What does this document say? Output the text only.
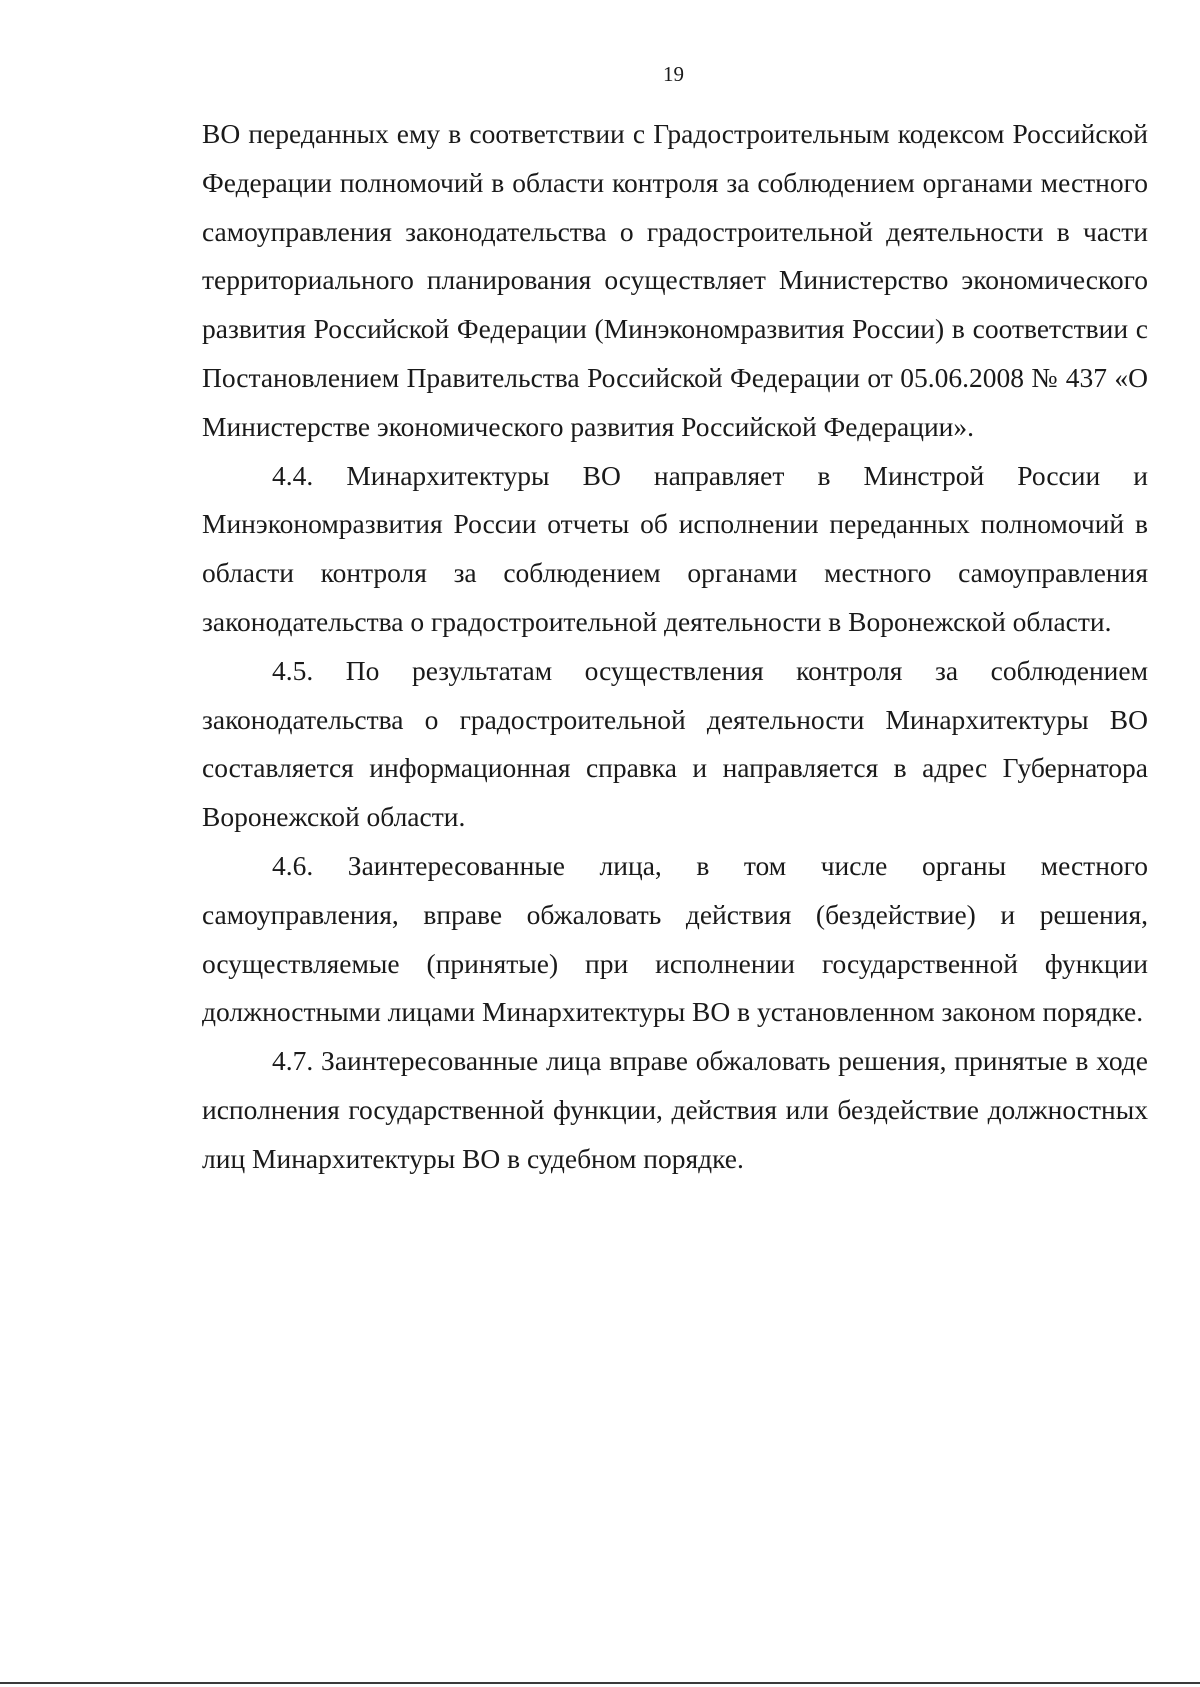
19

ВО переданных ему в соответствии с Градостроительным кодексом Российской Федерации полномочий в области контроля за соблюдением органами местного самоуправления законодательства о градостроительной деятельности в части территориального планирования осуществляет Министерство экономического развития Российской Федерации (Минэкономразвития России) в соответствии с Постановлением Правительства Российской Федерации от 05.06.2008 № 437 «О Министерстве экономического развития Российской Федерации».

4.4. Минархитектуры ВО направляет в Минстрой России и Минэкономразвития России отчеты об исполнении переданных полномочий в области контроля за соблюдением органами местного самоуправления законодательства о градостроительной деятельности в Воронежской области.

4.5. По результатам осуществления контроля за соблюдением законодательства о градостроительной деятельности Минархитектуры ВО составляется информационная справка и направляется в адрес Губернатора Воронежской области.

4.6. Заинтересованные лица, в том числе органы местного самоуправления, вправе обжаловать действия (бездействие) и решения, осуществляемые (принятые) при исполнении государственной функции должностными лицами Минархитектуры ВО в установленном законом порядке.

4.7. Заинтересованные лица вправе обжаловать решения, принятые в ходе исполнения государственной функции, действия или бездействие должностных лиц Минархитектуры ВО в судебном порядке.
